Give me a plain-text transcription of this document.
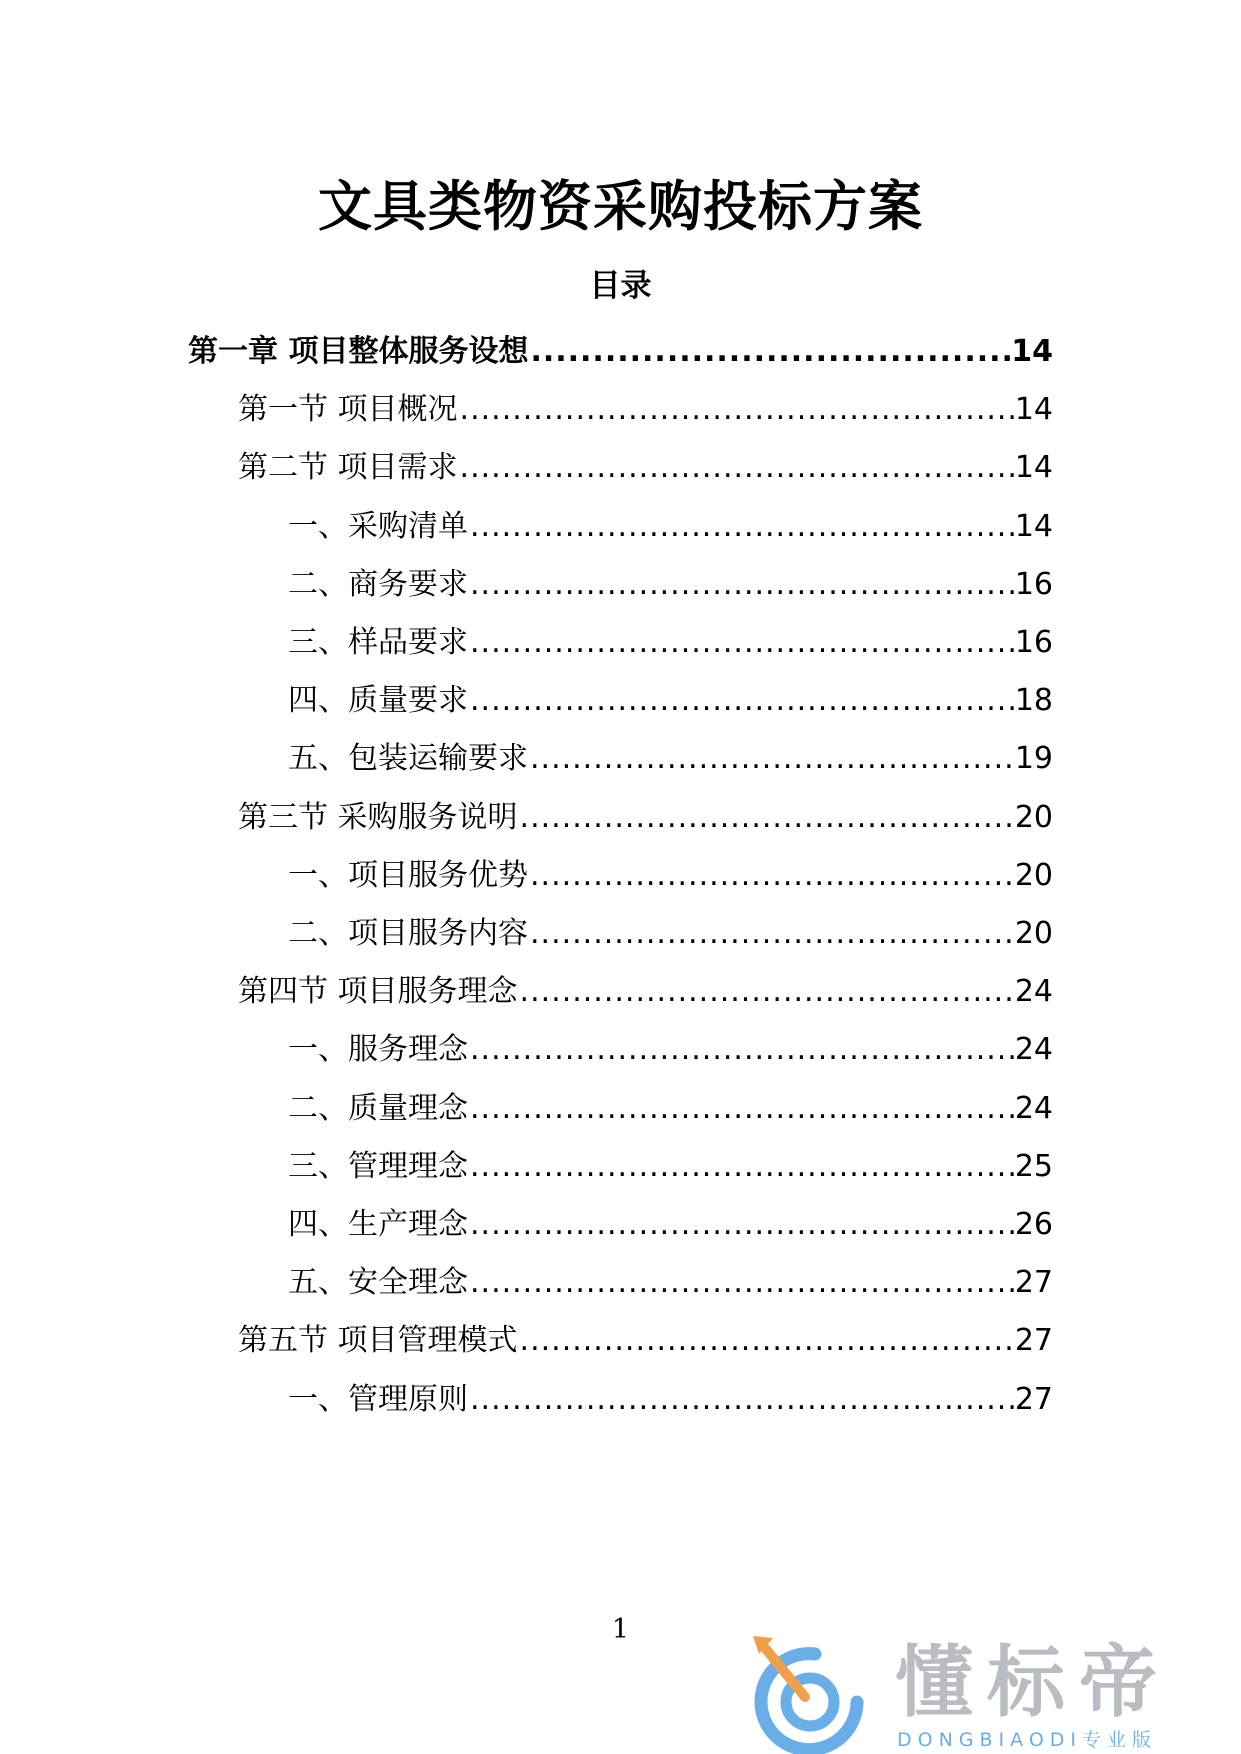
文具类物资采购投标方案
目录
第一章 项目整体服务设想 .....	14
第一节 项目概况 .....	14
第二节 项目需求 .....	14
一、采购清单 .....	14
二、商务要求 .....	16
三、样品要求 .....	16
四、质量要求 .....	18
五、包装运输要求 .....	19
第三节 采购服务说明 .....	20
一、项目服务优势 .....	20
二、项目服务内容 .....	20
第四节 项目服务理念 .....	24
一、服务理念 .....	24
二、质量理念 .....	24
三、管理理念 .....	25
四、生产理念 .....	26
五、安全理念 .....	27
第五节 项目管理模式 .....	27
一、管理原则 .....	27
1
懂标帝
DONGBIAODI专业版
